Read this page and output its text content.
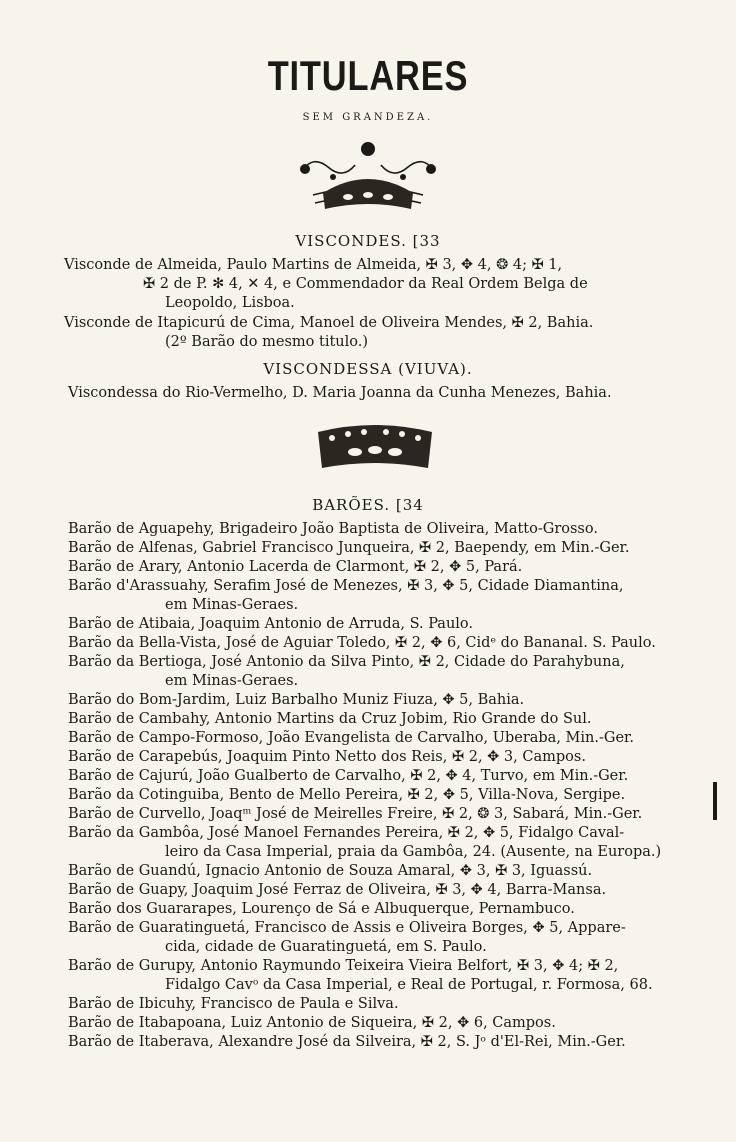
TITULARES
SEM GRANDEZA.
VISCONDES. [33
Visconde de Almeida, Paulo Martins de Almeida, ✠ 3, ✥ 4, ❂ 4; ✠ 1,
✠ 2 de P. ✻ 4, ✕ 4, e Commendador da Real Ordem Belga de
Leopoldo, Lisboa.
Visconde de Itapicurú de Cima, Manoel de Oliveira Mendes, ✠ 2, Bahia.
(2º Barão do mesmo titulo.)
VISCONDESSA (VIUVA).
Viscondessa do Rio-Vermelho, D. Maria Joanna da Cunha Menezes, Bahia.
BARÕES. [34
Barão de Aguapehy, Brigadeiro João Baptista de Oliveira, Matto-Grosso.
Barão de Alfenas, Gabriel Francisco Junqueira, ✠ 2, Baependy, em Min.-Ger.
Barão de Arary, Antonio Lacerda de Clarmont, ✠ 2, ✥ 5, Pará.
Barão d'Arassuahy, Serafim José de Menezes, ✠ 3, ✥ 5, Cidade Diamantina,
em Minas-Geraes.
Barão de Atibaia, Joaquim Antonio de Arruda, S. Paulo.
Barão da Bella-Vista, José de Aguiar Toledo, ✠ 2, ✥ 6, Cidᵉ do Bananal. S. Paulo.
Barão da Bertioga, José Antonio da Silva Pinto, ✠ 2, Cidade do Parahybuna,
em Minas-Geraes.
Barão do Bom-Jardim, Luiz Barbalho Muniz Fiuza, ✥ 5, Bahia.
Barão de Cambahy, Antonio Martins da Cruz Jobim, Rio Grande do Sul.
Barão de Campo-Formoso, João Evangelista de Carvalho, Uberaba, Min.-Ger.
Barão de Carapebús, Joaquim Pinto Netto dos Reis, ✠ 2, ✥ 3, Campos.
Barão de Cajurú, João Gualberto de Carvalho, ✠ 2, ✥ 4, Turvo, em Min.-Ger.
Barão da Cotinguiba, Bento de Mello Pereira, ✠ 2, ✥ 5, Villa-Nova, Sergipe.
Barão de Curvello, Joaqᵐ José de Meirelles Freire, ✠ 2, ❂ 3, Sabará, Min.-Ger.
Barão da Gambôa, José Manoel Fernandes Pereira, ✠ 2, ✥ 5, Fidalgo Caval-
leiro da Casa Imperial, praia da Gambôa, 24. (Ausente, na Europa.)
Barão de Guandú, Ignacio Antonio de Souza Amaral, ✥ 3, ✠ 3, Iguassú.
Barão de Guapy, Joaquim José Ferraz de Oliveira, ✠ 3, ✥ 4, Barra-Mansa.
Barão dos Guararapes, Lourenço de Sá e Albuquerque, Pernambuco.
Barão de Guaratinguetá, Francisco de Assis e Oliveira Borges, ✥ 5, Appare-
cida, cidade de Guaratinguetá, em S. Paulo.
Barão de Gurupy, Antonio Raymundo Teixeira Vieira Belfort, ✠ 3, ✥ 4; ✠ 2,
Fidalgo Cavᵒ da Casa Imperial, e Real de Portugal, r. Formosa, 68.
Barão de Ibicuhy, Francisco de Paula e Silva.
Barão de Itabapoana, Luiz Antonio de Siqueira, ✠ 2, ✥ 6, Campos.
Barão de Itaberava, Alexandre José da Silveira, ✠ 2, S. Jᵒ d'El-Rei, Min.-Ger.
